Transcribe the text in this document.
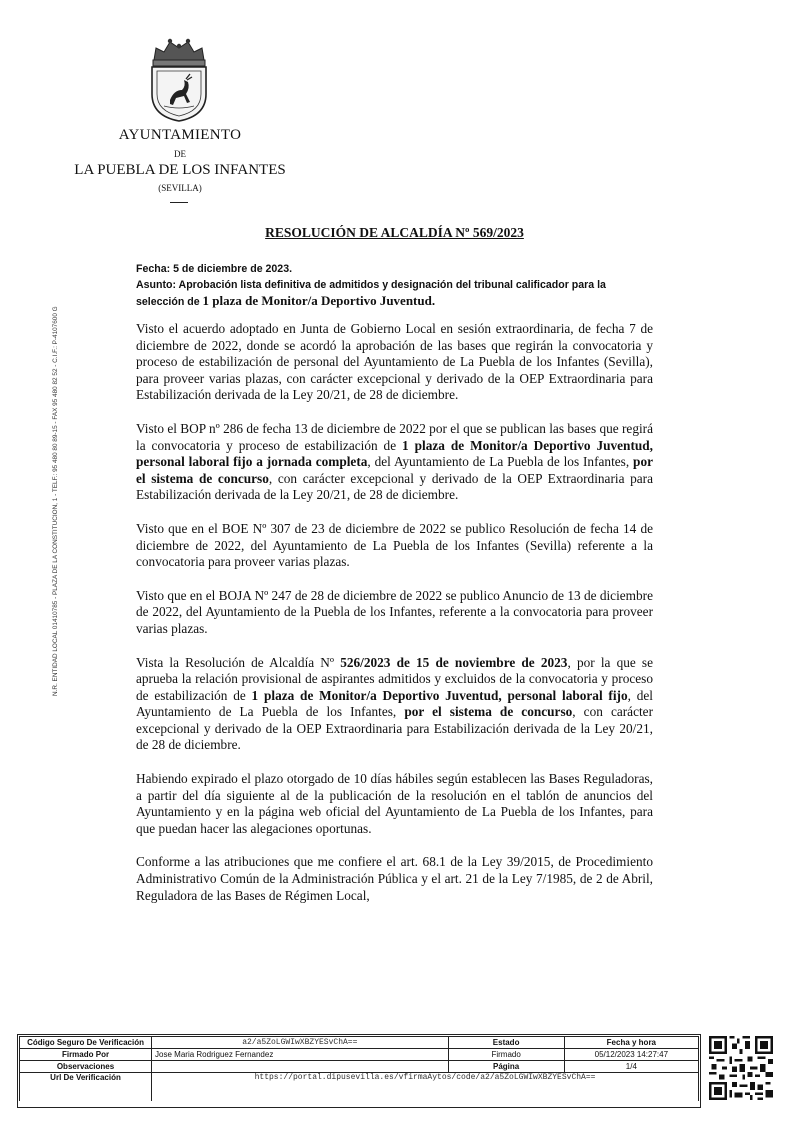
AYUNTAMIENTO
DE
LA PUEBLA DE LOS INFANTES
(SEVILLA)
N.R. ENTIDAD LOCAL 01410785 - PLAZA DE LA CONSTITUCION, 1 - TELF.: 95 480 80 89-15 - FAX 95 480 82 52 - C.I.F.: P-4107600 G
RESOLUCIÓN DE ALCALDÍA Nº 569/2023
Fecha: 5 de diciembre de 2023.
Asunto: Aprobación lista definitiva de admitidos y designación del tribunal calificador para la selección de 1 plaza de Monitor/a Deportivo Juventud.

Visto el acuerdo adoptado en Junta de Gobierno Local en sesión extraordinaria, de fecha 7 de diciembre de 2022, donde se acordó la aprobación de las bases que regirán la convocatoria y proceso de estabilización de personal del Ayuntamiento de La Puebla de los Infantes (Sevilla), para proveer varias plazas, con carácter excepcional y derivado de la OEP Extraordinaria para Estabilización derivada de la Ley 20/21, de 28 de diciembre.

Visto el BOP nº 286 de fecha 13 de diciembre de 2022 por el que se publican las bases que regirá la convocatoria y proceso de estabilización de 1 plaza de Monitor/a Deportivo Juventud, personal laboral fijo a jornada completa, del Ayuntamiento de La Puebla de los Infantes, por el sistema de concurso, con carácter excepcional y derivado de la OEP Extraordinaria para Estabilización derivada de la Ley 20/21, de 28 de diciembre.

Visto que en el BOE Nº 307 de 23 de diciembre de 2022 se publico Resolución de fecha 14 de diciembre de 2022, del Ayuntamiento de La Puebla de los Infantes (Sevilla) referente a la convocatoria para proveer varias plazas.

Visto que en el BOJA Nº 247 de 28 de diciembre de 2022 se publico Anuncio de 13 de diciembre de 2022, del Ayuntamiento de la Puebla de los Infantes, referente a la convocatoria para proveer varias plazas.

Vista la Resolución de Alcaldía Nº 526/2023 de 15 de noviembre de 2023, por la que se aprueba la relación provisional de aspirantes admitidos y excluidos de la convocatoria y proceso de estabilización de 1 plaza de Monitor/a Deportivo Juventud, personal laboral fijo, del Ayuntamiento de La Puebla de los Infantes, por el sistema de concurso, con carácter excepcional y derivado de la OEP Extraordinaria para Estabilización derivada de la Ley 20/21, de 28 de diciembre.

Habiendo expirado el plazo otorgado de 10 días hábiles según establecen las Bases Reguladoras, a partir del día siguiente al de la publicación de la resolución en el tablón de anuncios del Ayuntamiento y en la página web oficial del Ayuntamiento de La Puebla de los Infantes, para que puedan hacer las alegaciones oportunas.

Conforme a las atribuciones que me confiere el art. 68.1 de la Ley 39/2015, de Procedimiento Administrativo Común de la Administración Pública y el art. 21 de la Ley 7/1985, de 2 de Abril, Reguladora de las Bases de Régimen Local,

Código Seguro De Verificación	a2/a5ZoLGWIwXBZYESvChA==	Estado	Fecha y hora
Firmado Por	Jose Maria Rodriguez Fernandez	Firmado	05/12/2023 14:27:47
Observaciones		Página	1/4
Url De Verificación	https://portal.dipusevilla.es/vfirmaAytos/code/a2/a5ZoLGWIwXBZYESvChA==		
